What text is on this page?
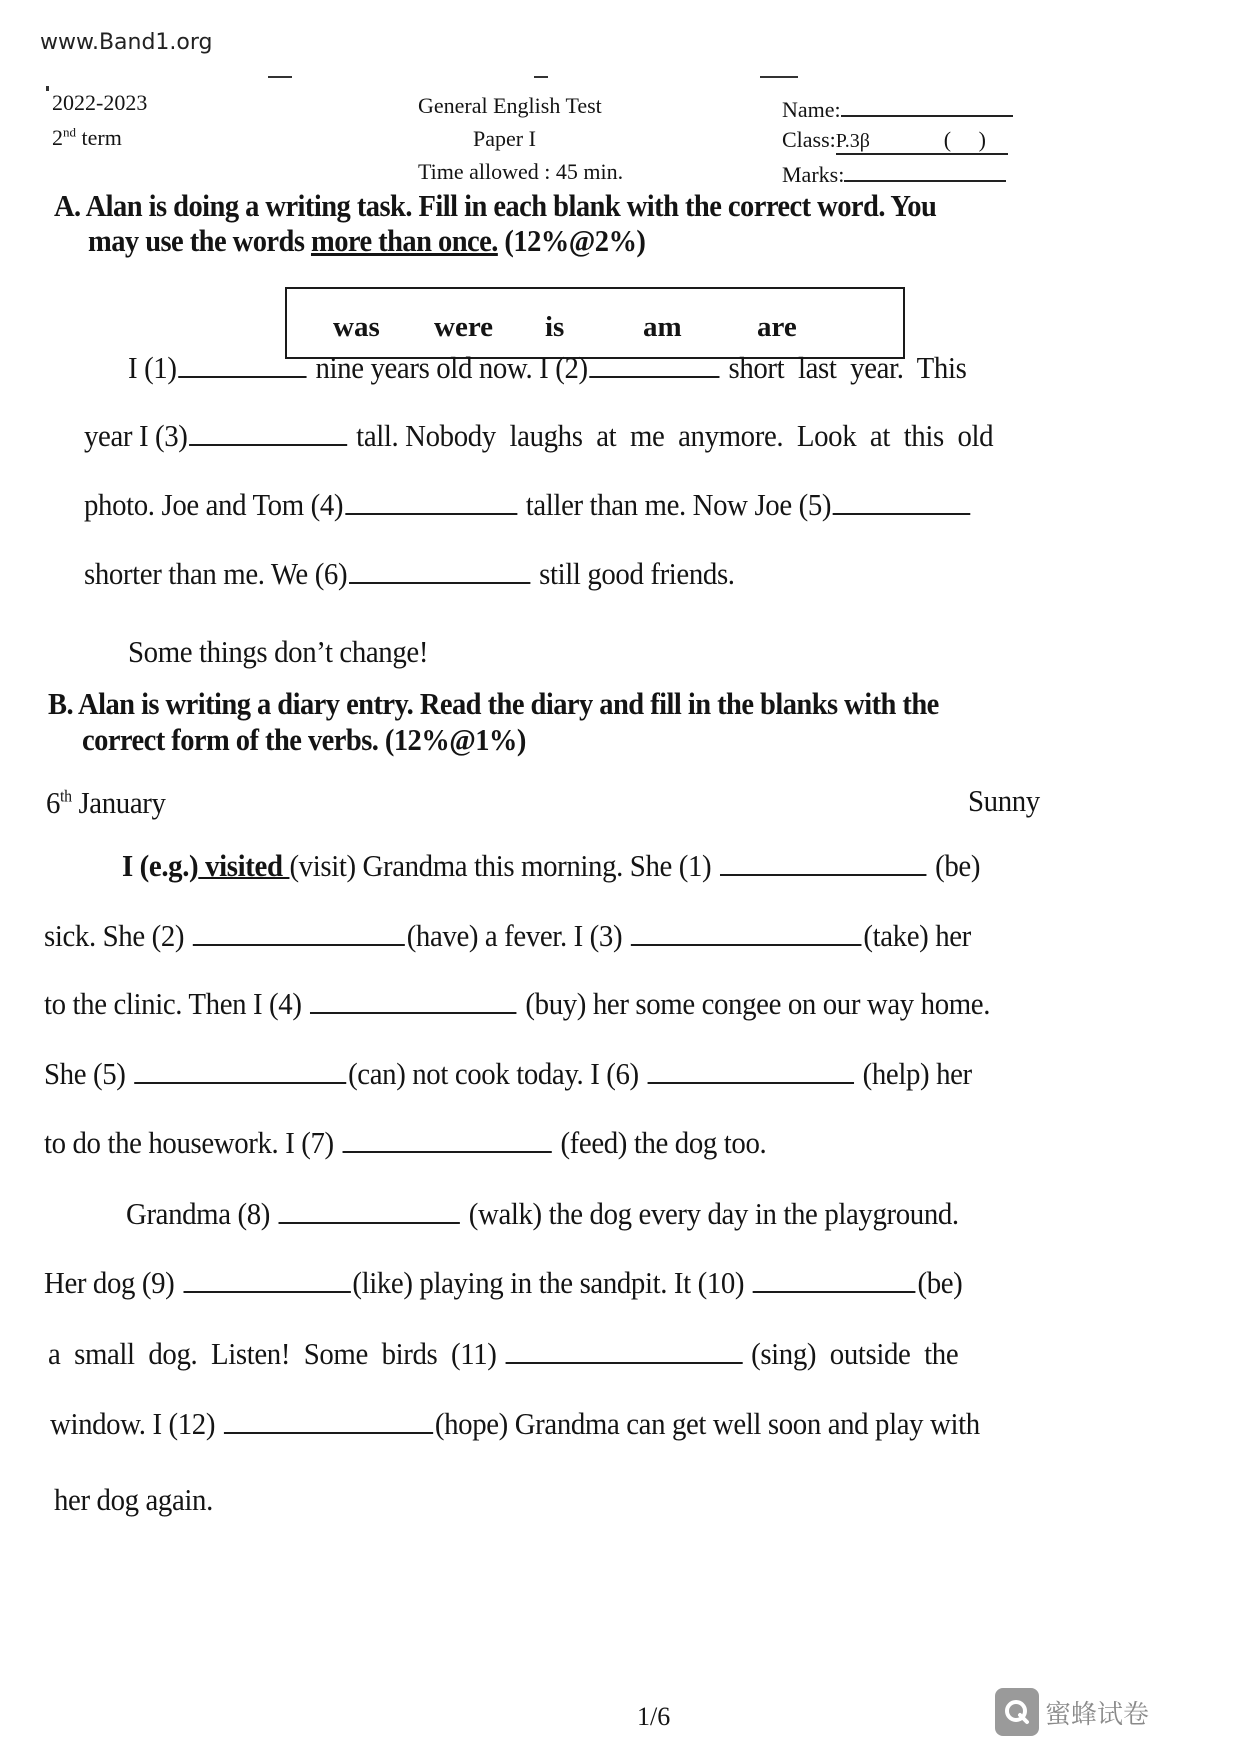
www.Band1.org
2022-2023
2nd term
General English Test
Paper I
Time allowed : 45 min.
Name:
Class:P.3β	(     )
Marks:
A. Alan is doing a writing task. Fill in each blank with the correct word. You
may use the words more than once. (12%@2%)
was were is	am	are
I (1)	nine years old now. I (2)	short  last  year.  This
year I (3)	tall. Nobody  laughs  at  me  anymore.  Look  at  this  old
photo. Joe and Tom (4)	taller than me. Now Joe (5)
shorter than me. We (6)	still good friends.
Some things don’t change!
B. Alan is writing a diary entry. Read the diary and fill in the blanks with the
correct form of the verbs. (12%@1%)
6th January	Sunny
I (e.g.) visited (visit) Grandma this morning. She (1)	(be)
sick. She (2)	(have) a fever. I (3)	(take) her
to the clinic. Then I (4)	(buy) her some congee on our way home.
She (5)	(can) not cook today. I (6)	(help) her
to do the housework. I (7)	(feed) the dog too.
Grandma (8)	(walk) the dog every day in the playground.
Her dog (9)	(like) playing in the sandpit. It (10)	(be)
a  small  dog.  Listen!  Some  birds  (11)	(sing)  outside  the
window. I (12)	(hope) Grandma can get well soon and play with
her dog again.
1/6	蜜蜂试卷
